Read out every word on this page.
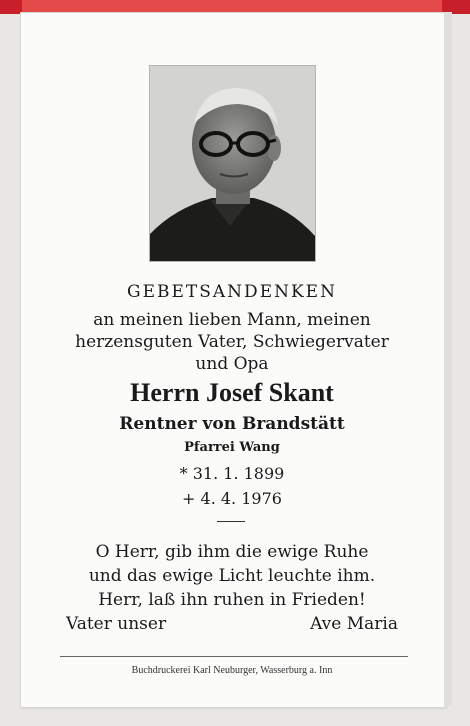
GEBETSANDENKEN

an meinen lieben Mann, meinen
herzensguten Vater, Schwiegervater
und Opa

Herrn Josef Skant

Rentner von Brandstätt

Pfarrei Wang

* 31. 1. 1899

+ 4. 4. 1976

O Herr, gib ihm die ewige Ruhe
und das ewige Licht leuchte ihm.
Herr, laß ihn ruhen in Frieden!
Vater unser	Ave Maria

Buchdruckerei Karl Neuburger, Wasserburg a. Inn
